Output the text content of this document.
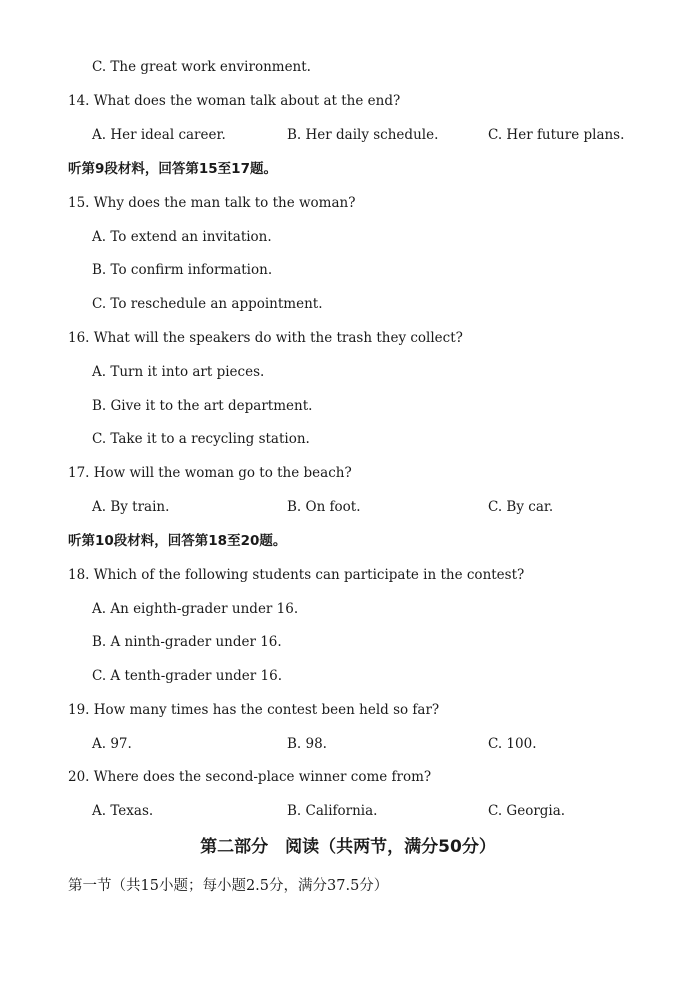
C. The great work environment.
14. What does the woman talk about at the end?
A. Her ideal career.	B. Her daily schedule.	C. Her future plans.
听第9段材料，回答第15至17题。
15. Why does the man talk to the woman?
A. To extend an invitation.
B. To confirm information.
C. To reschedule an appointment.
16. What will the speakers do with the trash they collect?
A. Turn it into art pieces.
B. Give it to the art department.
C. Take it to a recycling station.
17. How will the woman go to the beach?
A. By train.	B. On foot.	C. By car.
听第10段材料，回答第18至20题。
18. Which of the following students can participate in the contest?
A. An eighth-grader under 16.
B. A ninth-grader under 16.
C. A tenth-grader under 16.
19. How many times has the contest been held so far?
A. 97.	B. 98.	C. 100.
20. Where does the second-place winner come from?
A. Texas.	B. California.	C. Georgia.
第二部分　阅读（共两节，满分50分）
第一节（共15小题；每小题2.5分，满分37.5分）
